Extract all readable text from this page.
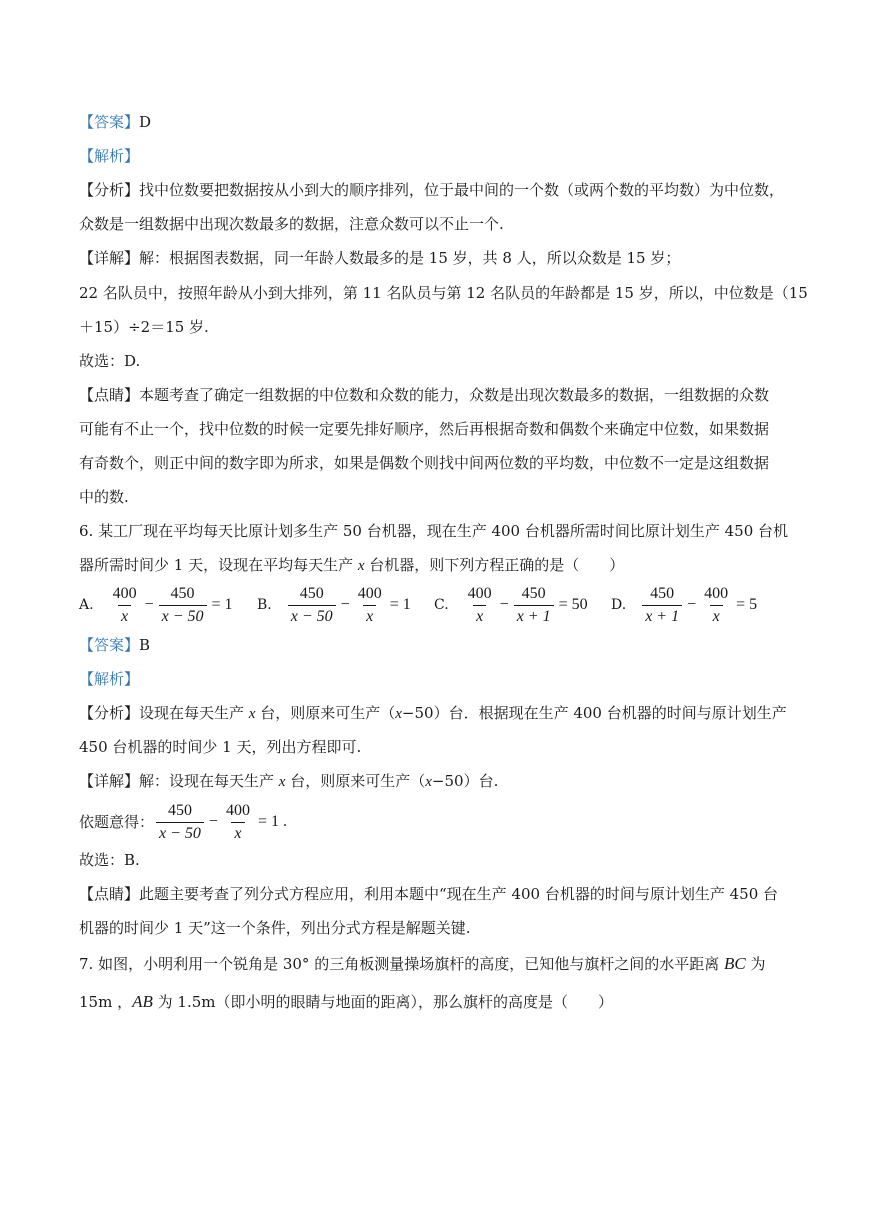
【答案】D
【解析】
【分析】找中位数要把数据按从小到大的顺序排列，位于最中间的一个数（或两个数的平均数）为中位数，
众数是一组数据中出现次数最多的数据，注意众数可以不止一个.
【详解】解：根据图表数据，同一年龄人数最多的是 15 岁，共 8 人，所以众数是 15 岁；
22 名队员中，按照年龄从小到大排列，第 11 名队员与第 12 名队员的年龄都是 15 岁，所以，中位数是（15
＋15）÷2＝15 岁.
故选：D.
【点睛】本题考查了确定一组数据的中位数和众数的能力，众数是出现次数最多的数据，一组数据的众数
可能有不止一个，找中位数的时候一定要先排好顺序，然后再根据奇数和偶数个来确定中位数，如果数据
有奇数个，则正中间的数字即为所求，如果是偶数个则找中间两位数的平均数，中位数不一定是这组数据
中的数.
6. 某工厂现在平均每天比原计划多生产 50 台机器，现在生产 400 台机器所需时间比原计划生产 450 台机
器所需时间少 1 天，设现在平均每天生产 x 台机器，则下列方程正确的是（　　）
A. $\frac{400}{x} - \frac{450}{x - 50} = 1$ B. $\frac{450}{x - 50} - \frac{400}{x} = 1$ C. $\frac{400}{x} - \frac{450}{x + 1} = 50$ D. $\frac{450}{x + 1} - \frac{400}{x} = 5$
【答案】B
【解析】
【分析】设现在每天生产 x 台，则原来可生产（x−50）台．根据现在生产 400 台机器的时间与原计划生产
450 台机器的时间少 1 天，列出方程即可.
【详解】解：设现在每天生产 x 台，则原来可生产（x−50）台.
依题意得： $\frac{450}{x - 50} - \frac{400}{x} = 1$ .
故选：B.
【点睛】此题主要考查了列分式方程应用，利用本题中“现在生产 400 台机器的时间与原计划生产 450 台
机器的时间少 1 天”这一个条件，列出分式方程是解题关键.
7. 如图，小明利用一个锐角是 30° 的三角板测量操场旗杆的高度，已知他与旗杆之间的水平距离 BC 为
15m ，AB 为 1.5m（即小明的眼睛与地面的距离），那么旗杆的高度是（　　）
